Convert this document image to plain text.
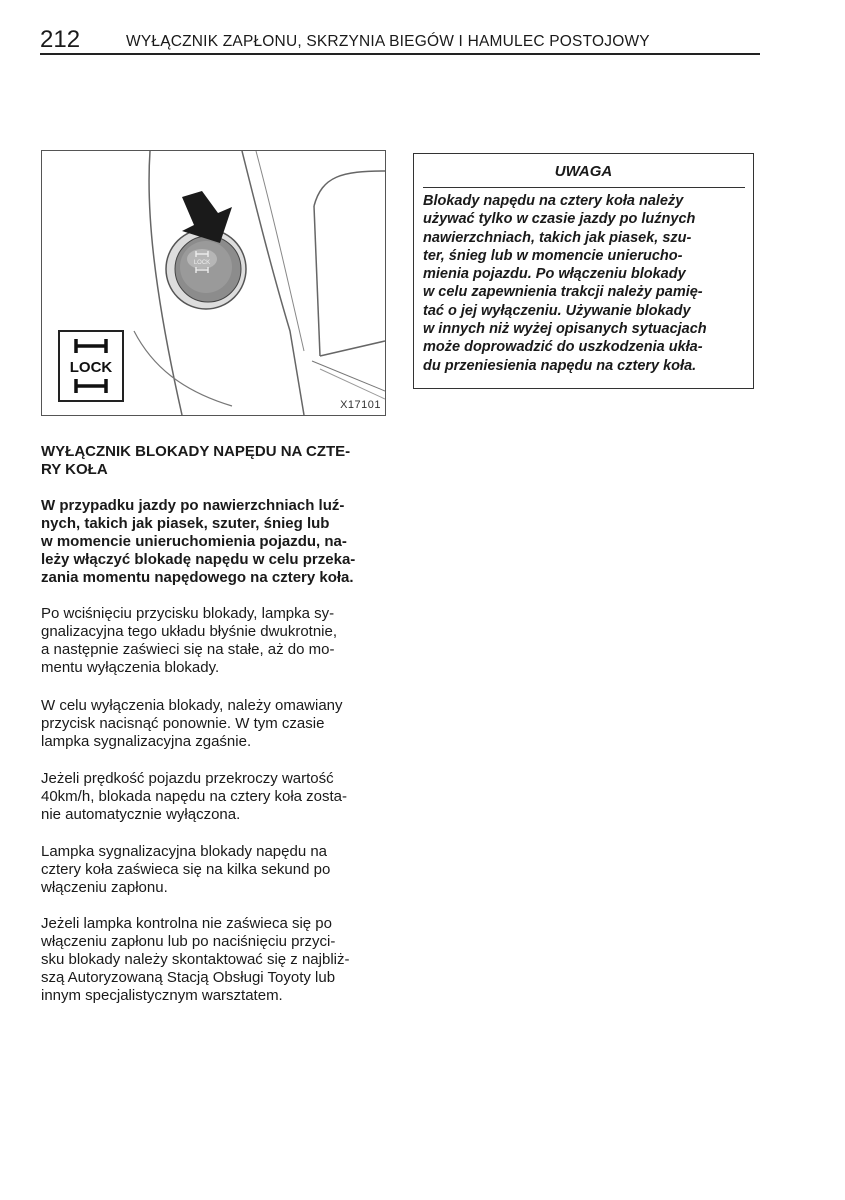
212	WYŁĄCZNIK ZAPŁONU, SKRZYNIA BIEGÓW I HAMULEC POSTOJOWY
LOCK
LOCK
X17101
UWAGA
Blokady napędu na cztery koła należy
używać tylko w czasie jazdy po luźnych
nawierzchniach, takich jak piasek, szu-
ter, śnieg lub w momencie unierucho-
mienia pojazdu. Po włączeniu blokady
w celu zapewnienia trakcji należy pamię-
tać o jej wyłączeniu. Używanie blokady
w innych niż wyżej opisanych sytuacjach
może doprowadzić do uszkodzenia ukła-
du przeniesienia napędu na cztery koła.
WYŁĄCZNIK BLOKADY NAPĘDU NA CZTE-
RY KOŁA
W przypadku jazdy po nawierzchniach luź-
nych, takich jak piasek, szuter, śnieg lub
w momencie unieruchomienia pojazdu, na-
leży włączyć blokadę napędu w celu przeka-
zania momentu napędowego na cztery koła.
Po wciśnięciu przycisku blokady, lampka sy-
gnalizacyjna tego układu błyśnie dwukrotnie,
a następnie zaświeci się na stałe, aż do mo-
mentu wyłączenia blokady.
W celu wyłączenia blokady, należy omawiany
przycisk nacisnąć ponownie. W tym czasie
lampka sygnalizacyjna zgaśnie.
Jeżeli prędkość pojazdu przekroczy wartość
40km/h, blokada napędu na cztery koła zosta-
nie automatycznie wyłączona.
Lampka sygnalizacyjna blokady napędu na
cztery koła zaświeca się na kilka sekund po
włączeniu zapłonu.
Jeżeli lampka kontrolna nie zaświeca się po
włączeniu zapłonu lub po naciśnięciu przyci-
sku blokady należy skontaktować się z najbliż-
szą Autoryzowaną Stacją Obsługi Toyoty lub
innym specjalistycznym warsztatem.
